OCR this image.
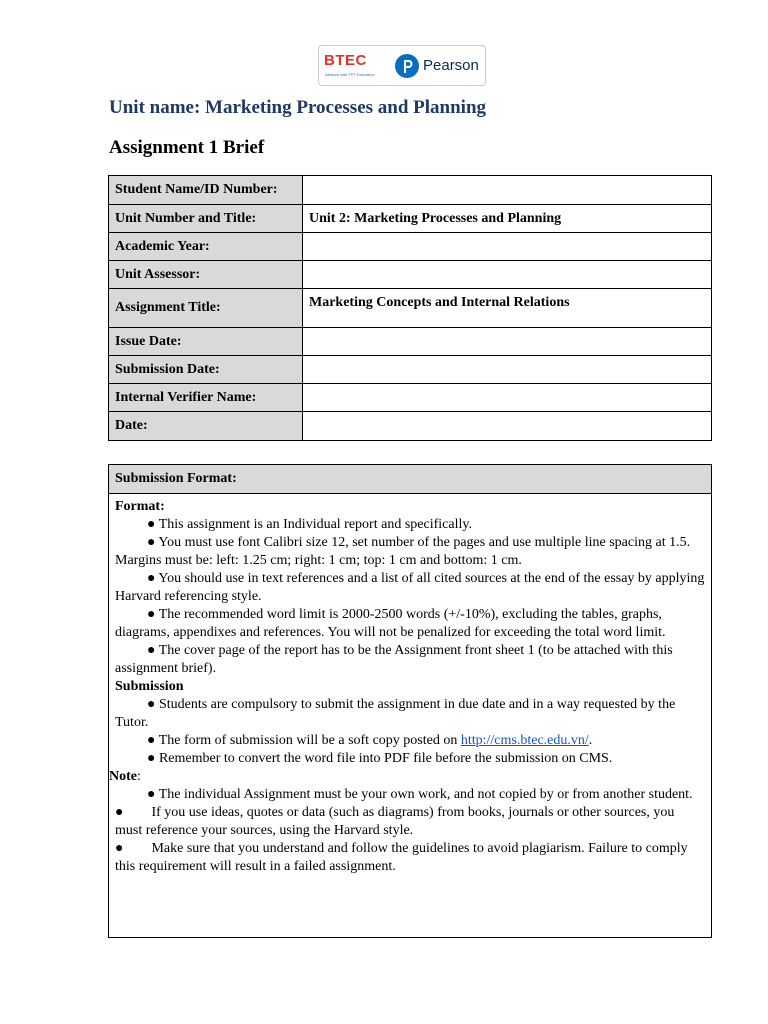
BTEC
Alliance with FPT Education
Pearson
Unit name: Marketing Processes and Planning
Assignment 1 Brief
Student Name/ID Number:	
Unit Number and Title:	Unit 2: Marketing Processes and Planning
Academic Year:	
Unit Assessor:	
Assignment Title:	Marketing Concepts and Internal Relations
Issue Date:	
Submission Date:	
Internal Verifier Name:	
Date:	
Submission Format:

Format:

● This assignment is an Individual report and specifically.

● You must use font Calibri size 12, set number of the pages and use multiple line spacing at 1.5. Margins must be: left: 1.25 cm; right: 1 cm; top: 1 cm and bottom: 1 cm.

● You should use in text references and a list of all cited sources at the end of the essay by applying Harvard referencing style.

● The recommended word limit is 2000-2500 words (+/-10%), excluding the tables, graphs, diagrams, appendixes and references. You will not be penalized for exceeding the total word limit.

● The cover page of the report has to be the Assignment front sheet 1 (to be attached with this assignment brief).

Submission

● Students are compulsory to submit the assignment in due date and in a way requested by the Tutor.

● The form of submission will be a soft copy posted on http://cms.btec.edu.vn/.

● Remember to convert the word file into PDF file before the submission on CMS.

Note:

● The individual Assignment must be your own work, and not copied by or from another student.

●        If you use ideas, quotes or data (such as diagrams) from books, journals or other sources, you must reference your sources, using the Harvard style.

●        Make sure that you understand and follow the guidelines to avoid plagiarism. Failure to comply this requirement will result in a failed assignment.
